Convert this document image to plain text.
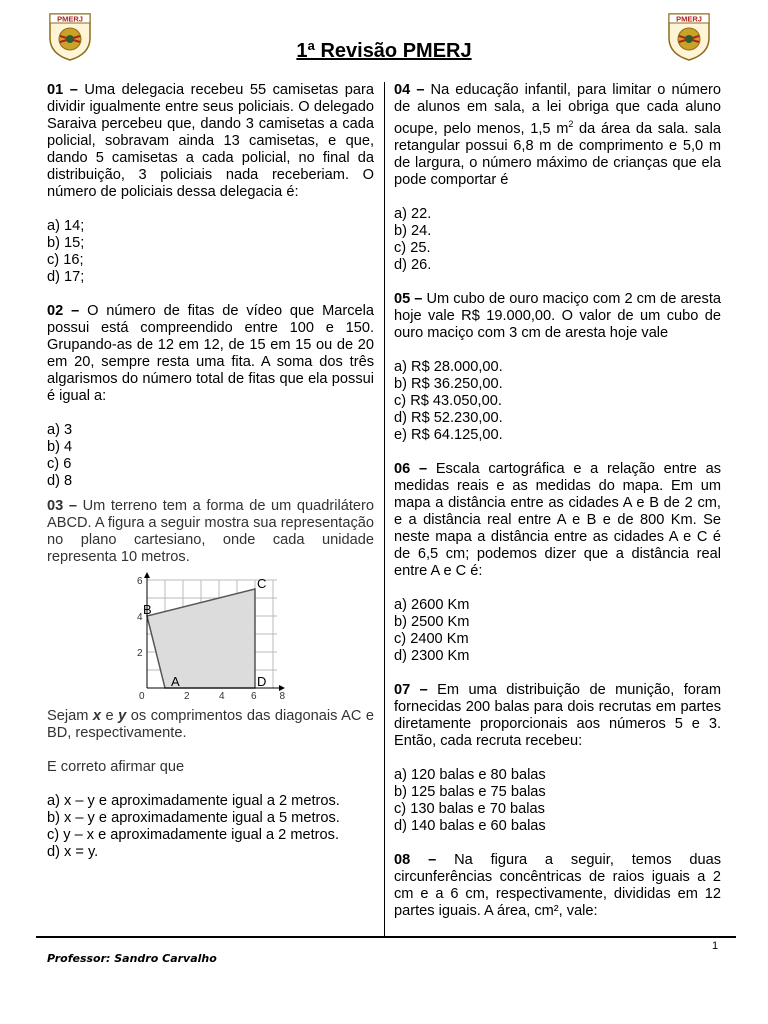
PMERJ	PMERJ
1ª Revisão PMERJ

01 – Uma delegacia recebeu 55 camisetas para dividir igualmente entre seus policiais. O delegado Saraiva percebeu que, dando 3 camisetas a cada policial, sobravam ainda 13 camisetas, e que, dando 5 camisetas a cada policial, no final da distribuição, 3 policiais nada receberiam. O número de policiais dessa delegacia é:

a) 14;
b) 15;
c) 16;
d) 17;

02 – O número de fitas de vídeo que Marcela possui está compreendido entre 100 e 150. Grupando-as de 12 em 12, de 15 em 15 ou de 20 em 20, sempre resta uma fita. A soma dos três algarismos do número total de fitas que ela possui é igual a:

a) 3
b) 4
c) 6
d) 8

03 – Um terreno tem a forma de um quadrilátero ABCD. A figura a seguir mostra sua representação no plano cartesiano, onde cada unidade representa 10 metros.

0	2	4	6 8
2
4
6
A
B
C
D

Sejam x e y os comprimentos das diagonais AC e BD, respectivamente.

E correto afirmar que

a) x – y e aproximadamente igual a 2 metros.
b) x – y e aproximadamente igual a 5 metros.
c) y – x e aproximadamente igual a 2 metros.
d) x = y.

04 – Na educação infantil, para limitar o número de alunos em sala, a lei obriga que cada aluno ocupe, pelo menos, 1,5 $m^2$ da área da sala. sala retangular possui 6,8 m de comprimento e 5,0 m de largura, o número máximo de crianças que ela pode comportar é

a) 22.
b) 24.
c) 25.
d) 26.

05 – Um cubo de ouro maciço com 2 cm de aresta hoje vale R$ 19.000,00. O valor de um cubo de ouro maciço com 3 cm de aresta hoje vale

a) R$ 28.000,00.
b) R$ 36.250,00.
c) R$ 43.050,00.
d) R$ 52.230,00.
e) R$ 64.125,00.

06 – Escala cartográfica e a relação entre as medidas reais e as medidas do mapa. Em um mapa a distância entre as cidades A e B de 2 cm, e a distância real entre A e B e de 800 Km. Se neste mapa a distância entre as cidades A e C é de 6,5 cm; podemos dizer que a distância real entre A e C é:

a) 2600 Km
b) 2500 Km
c) 2400 Km
d) 2300 Km

07 – Em uma distribuição de munição, foram fornecidas 200 balas para dois recrutas em partes diretamente proporcionais aos números 5 e 3. Então, cada recruta recebeu:

a) 120 balas e 80 balas
b) 125 balas e 75 balas
c) 130 balas e 70 balas
d) 140 balas e 60 balas

08 – Na figura a seguir, temos duas circunferências concêntricas de raios iguais a 2 cm e a 6 cm, respectivamente, divididas em 12 partes iguais. A área, cm², vale:

1
Professor: Sandro Carvalho
